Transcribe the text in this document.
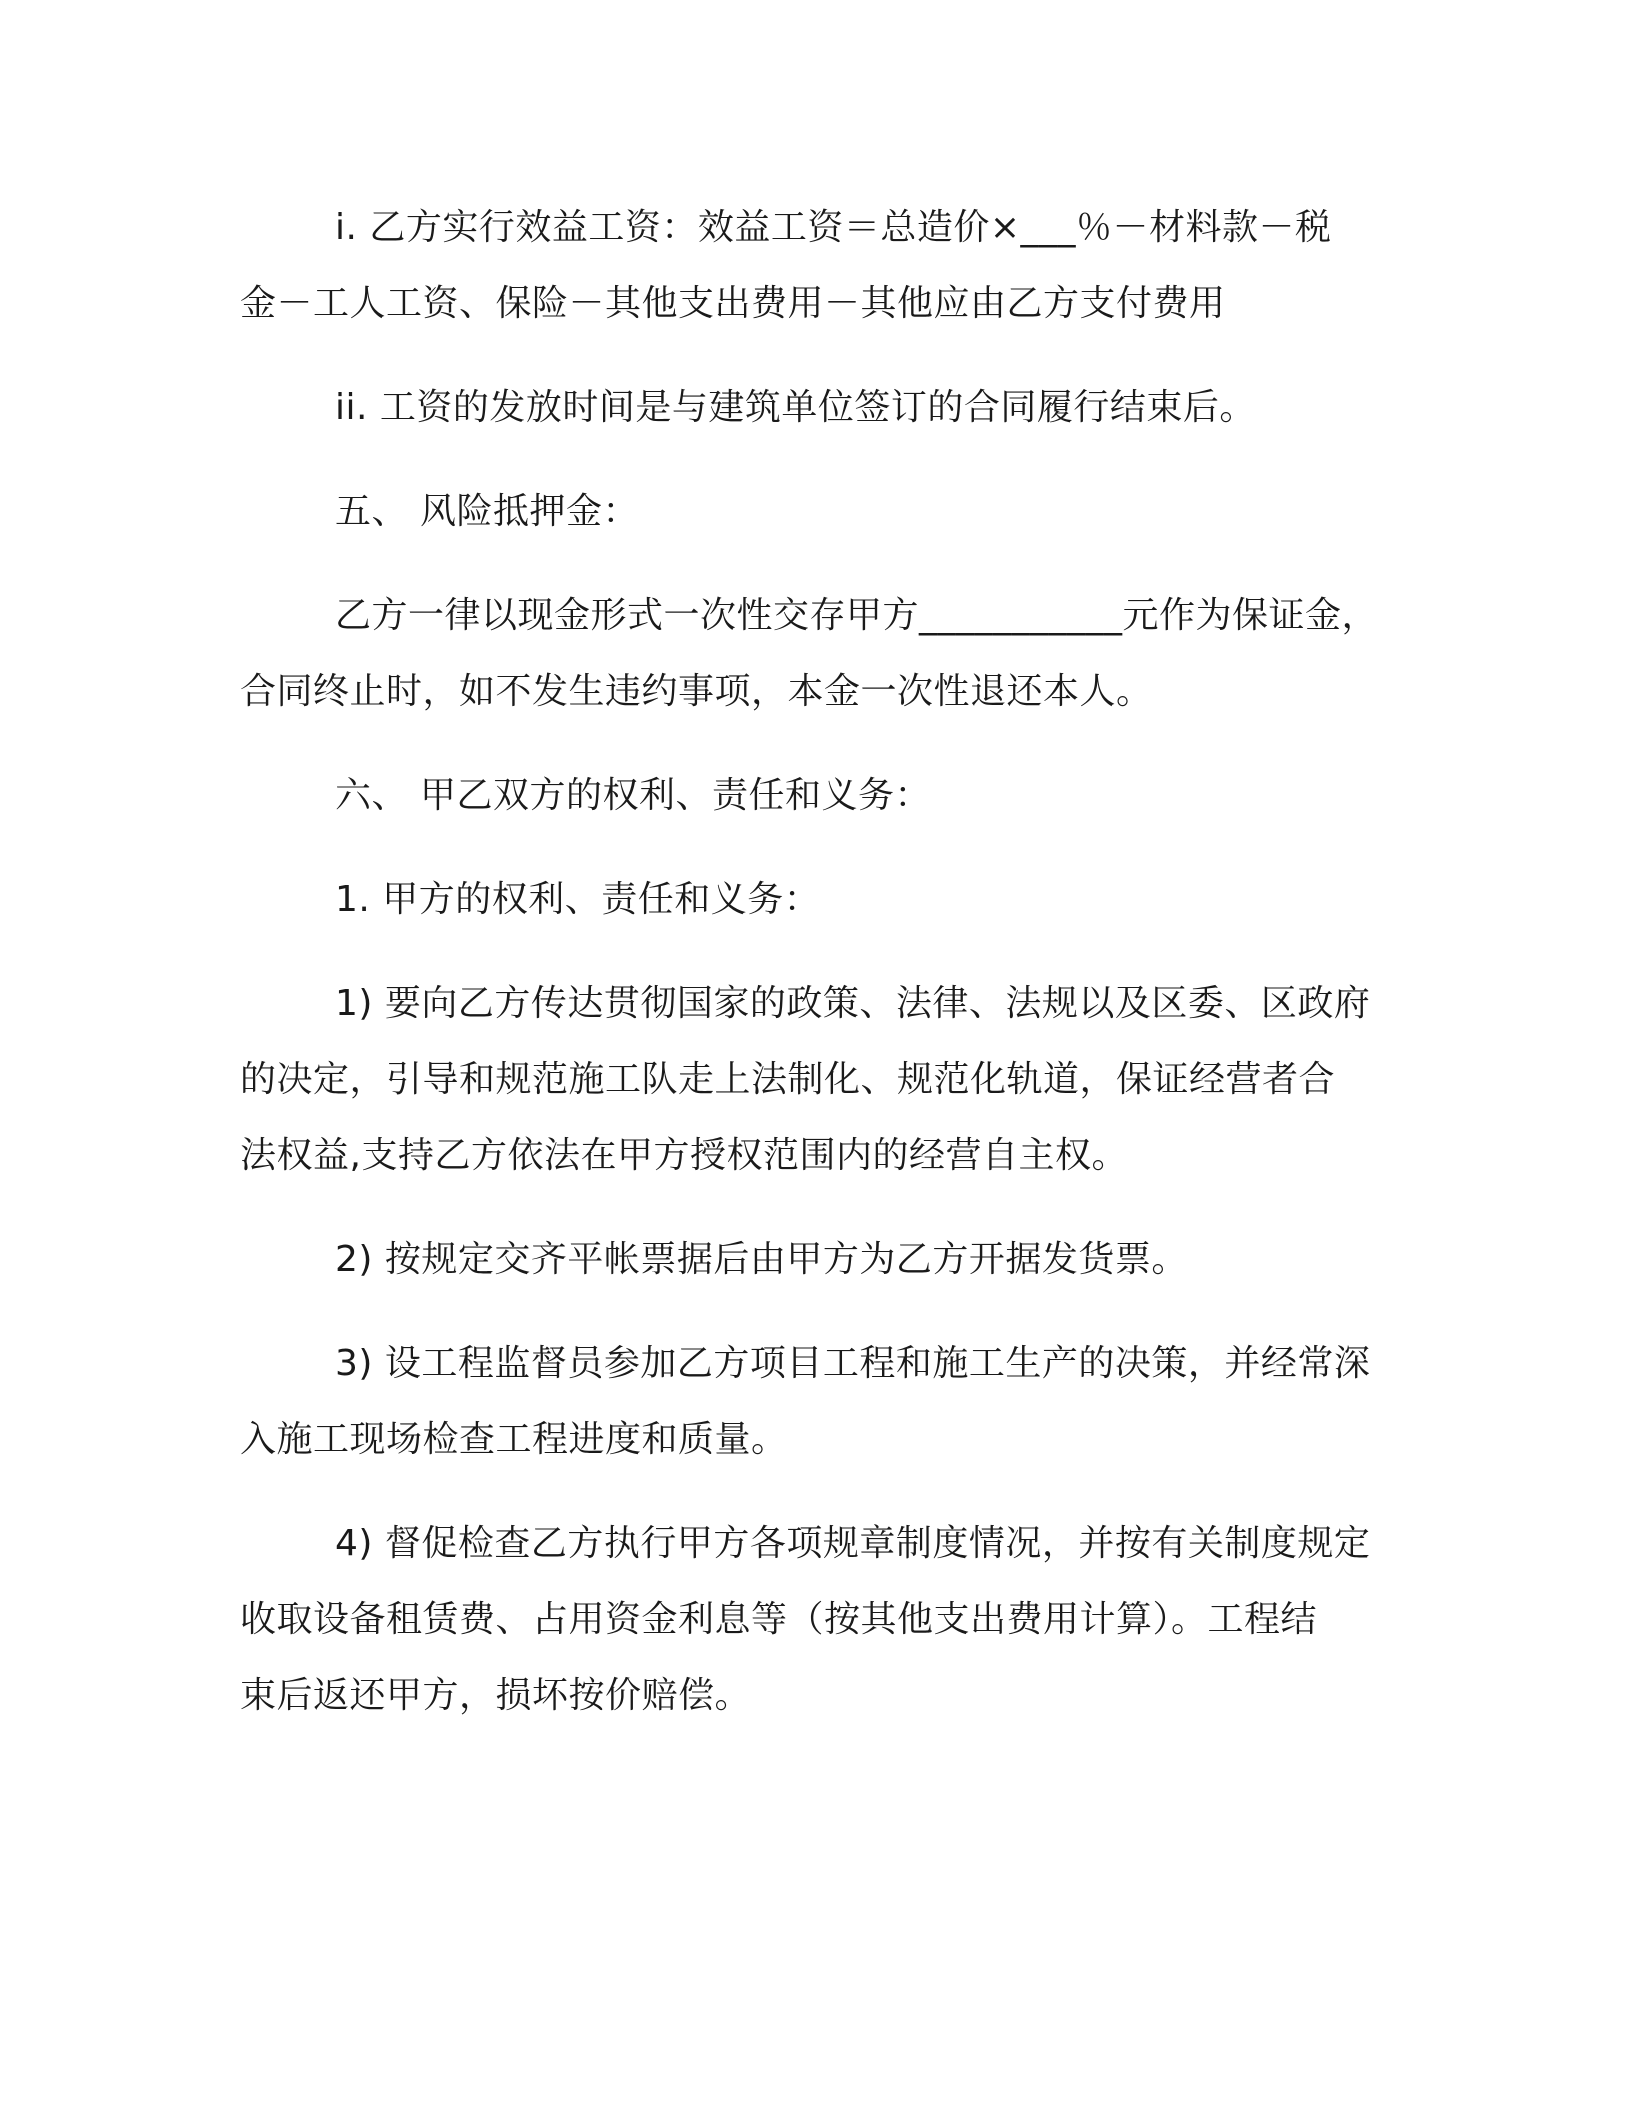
i. 乙方实行效益工资：效益工资＝总造价×___％－材料款－税
金－工人工资、保险－其他支出费用－其他应由乙方支付费用

ii. 工资的发放时间是与建筑单位签订的合同履行结束后。

五、 风险抵押金：

乙方一律以现金形式一次性交存甲方___________元作为保证金，
合同终止时，如不发生违约事项，本金一次性退还本人。

六、 甲乙双方的权利、责任和义务：

1. 甲方的权利、责任和义务：

1) 要向乙方传达贯彻国家的政策、法律、法规以及区委、区政府
的决定，引导和规范施工队走上法制化、规范化轨道，保证经营者合
法权益,支持乙方依法在甲方授权范围内的经营自主权。

2) 按规定交齐平帐票据后由甲方为乙方开据发货票。

3) 设工程监督员参加乙方项目工程和施工生产的决策，并经常深
入施工现场检查工程进度和质量。

4) 督促检查乙方执行甲方各项规章制度情况，并按有关制度规定
收取设备租赁费、占用资金利息等（按其他支出费用计算）。工程结
束后返还甲方，损坏按价赔偿。
